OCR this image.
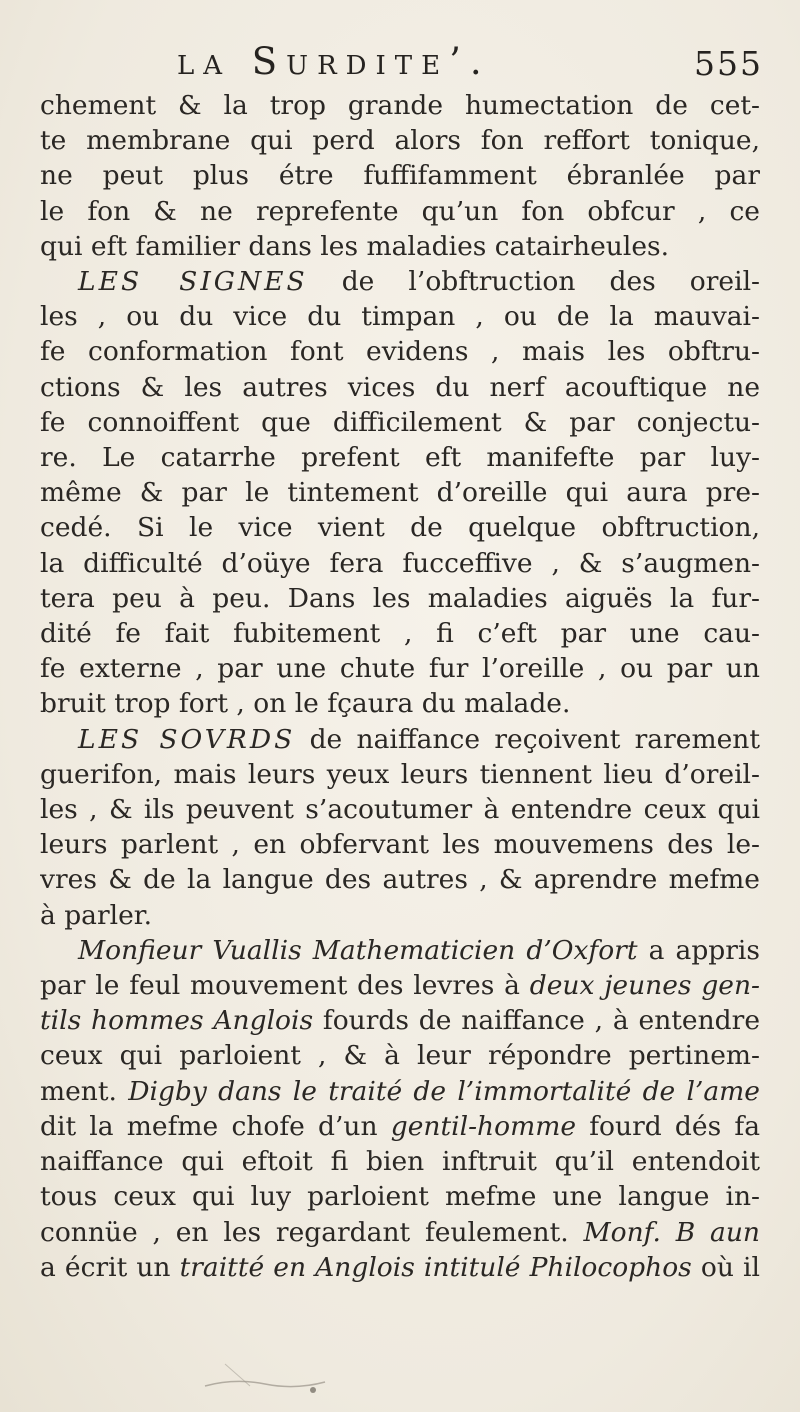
la Surdite’.	555
chement & la trop grande humectation de cet-
te membrane qui perd alors fon reffort tonique,
ne peut plus étre fuffifamment ébranlée par
le fon & ne reprefente qu’un fon obfcur , ce
qui eft familier dans les maladies catairheules.
LES SIGNES de l’obftruction des oreil-
les , ou du vice du timpan , ou de la mauvai-
fe conformation font evidens , mais les obftru-
ctions & les autres vices du nerf acouftique ne
fe connoiffent que difficilement & par conjectu-
re. Le catarrhe prefent eft manifefte par luy-
même & par le tintement d’oreille qui aura pre-
cedé. Si le vice vient de quelque obftruction,
la difficulté d’oüye fera fucceffive , & s’augmen-
tera peu à peu. Dans les maladies aiguës la fur-
dité fe fait fubitement , fi c’eft par une cau-
fe externe , par une chute fur l’oreille , ou par un
bruit trop fort , on le fçaura du malade.
LES SOVRDS de naiffance reçoivent rarement
guerifon, mais leurs yeux leurs tiennent lieu d’oreil-
les , & ils peuvent s’acoutumer à entendre ceux qui
leurs parlent , en obfervant les mouvemens des le-
vres & de la langue des autres , & aprendre mefme
à parler.
Monfieur Vuallis Mathematicien d’Oxfort a appris
par le feul mouvement des levres à deux jeunes gen-
tils hommes Anglois fourds de naiffance , à entendre
ceux qui parloient , & à leur répondre pertinem-
ment. Digby dans le traité de l’immortalité de l’ame
dit la mefme chofe d’un gentil-homme fourd dés fa
naiffance qui eftoit fi bien inftruit qu’il entendoit
tous ceux qui luy parloient mefme une langue in-
connüe , en les regardant feulement. Monf. B aun
a écrit un traitté en Anglois intitulé Philocophos où il
